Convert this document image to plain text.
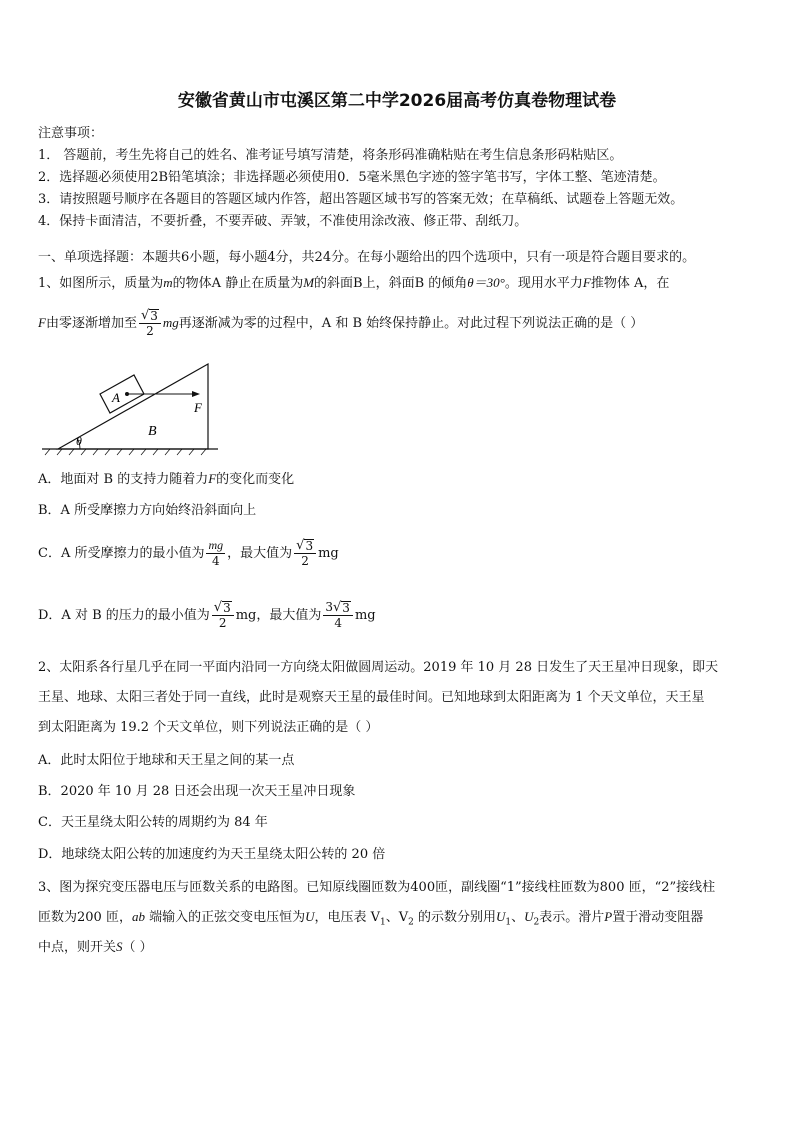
安徽省黄山市屯溪区第二中学2026届高考仿真卷物理试卷
注意事项：
1． 答题前，考生先将自己的姓名、准考证号填写清楚，将条形码准确粘贴在考生信息条形码粘贴区。
2．选择题必须使用2B铅笔填涂；非选择题必须使用0．5毫米黑色字迹的签字笔书写，字体工整、笔迹清楚。
3．请按照题号顺序在各题目的答题区域内作答，超出答题区域书写的答案无效；在草稿纸、试题卷上答题无效。
4．保持卡面清洁，不要折叠，不要弄破、弄皱，不准使用涂改液、修正带、刮纸刀。
一、单项选择题：本题共6小题，每小题4分，共24分。在每小题给出的四个选项中，只有一项是符合题目要求的。
1、如图所示，质量为m的物体A 静止在质量为M的斜面B上，斜面B 的倾角θ＝30°。现用水平力F推物体 A，在
F由零逐渐增加至 $\frac{√ 3}{2}$ mg再逐渐减为零的过程中，A 和 B 始终保持静止。对此过程下列说法正确的是（ ）
θ
A
F
B
A．地面对 B 的支持力随着力F的变化而变化
B．A 所受摩擦力方向始终沿斜面向上
C．A 所受摩擦力的最小值为 $\frac{mg}{4}$ ，最大值为 $\frac{√ 3}{2}$ mg
D．A 对 B 的压力的最小值为 $\frac{√ 3}{2}$ mg，最大值为 $\frac{3 √ 3}{4}$ mg
2、太阳系各行星几乎在同一平面内沿同一方向绕太阳做圆周运动。2019 年 10 月 28 日发生了天王星冲日现象，即天
王星、地球、太阳三者处于同一直线，此时是观察天王星的最佳时间。已知地球到太阳距离为 1 个天文单位，天王星
到太阳距离为 19.2 个天文单位，则下列说法正确的是（ ）
A．此时太阳位于地球和天王星之间的某一点
B．2020 年 10 月 28 日还会出现一次天王星冲日现象
C．天王星绕太阳公转的周期约为 84 年
D．地球绕太阳公转的加速度约为天王星绕太阳公转的 20 倍
3、图为探究变压器电压与匝数关系的电路图。已知原线圈匝数为400匝，副线圈“1”接线柱匝数为800 匝，“2”接线柱
匝数为200 匝，ab 端输入的正弦交变电压恒为U，电压表 $V_1$、$V_2$ 的示数分别用$U_1$、$U_2$表示。滑片P置于滑动变阻器
中点，则开关S（ ）
